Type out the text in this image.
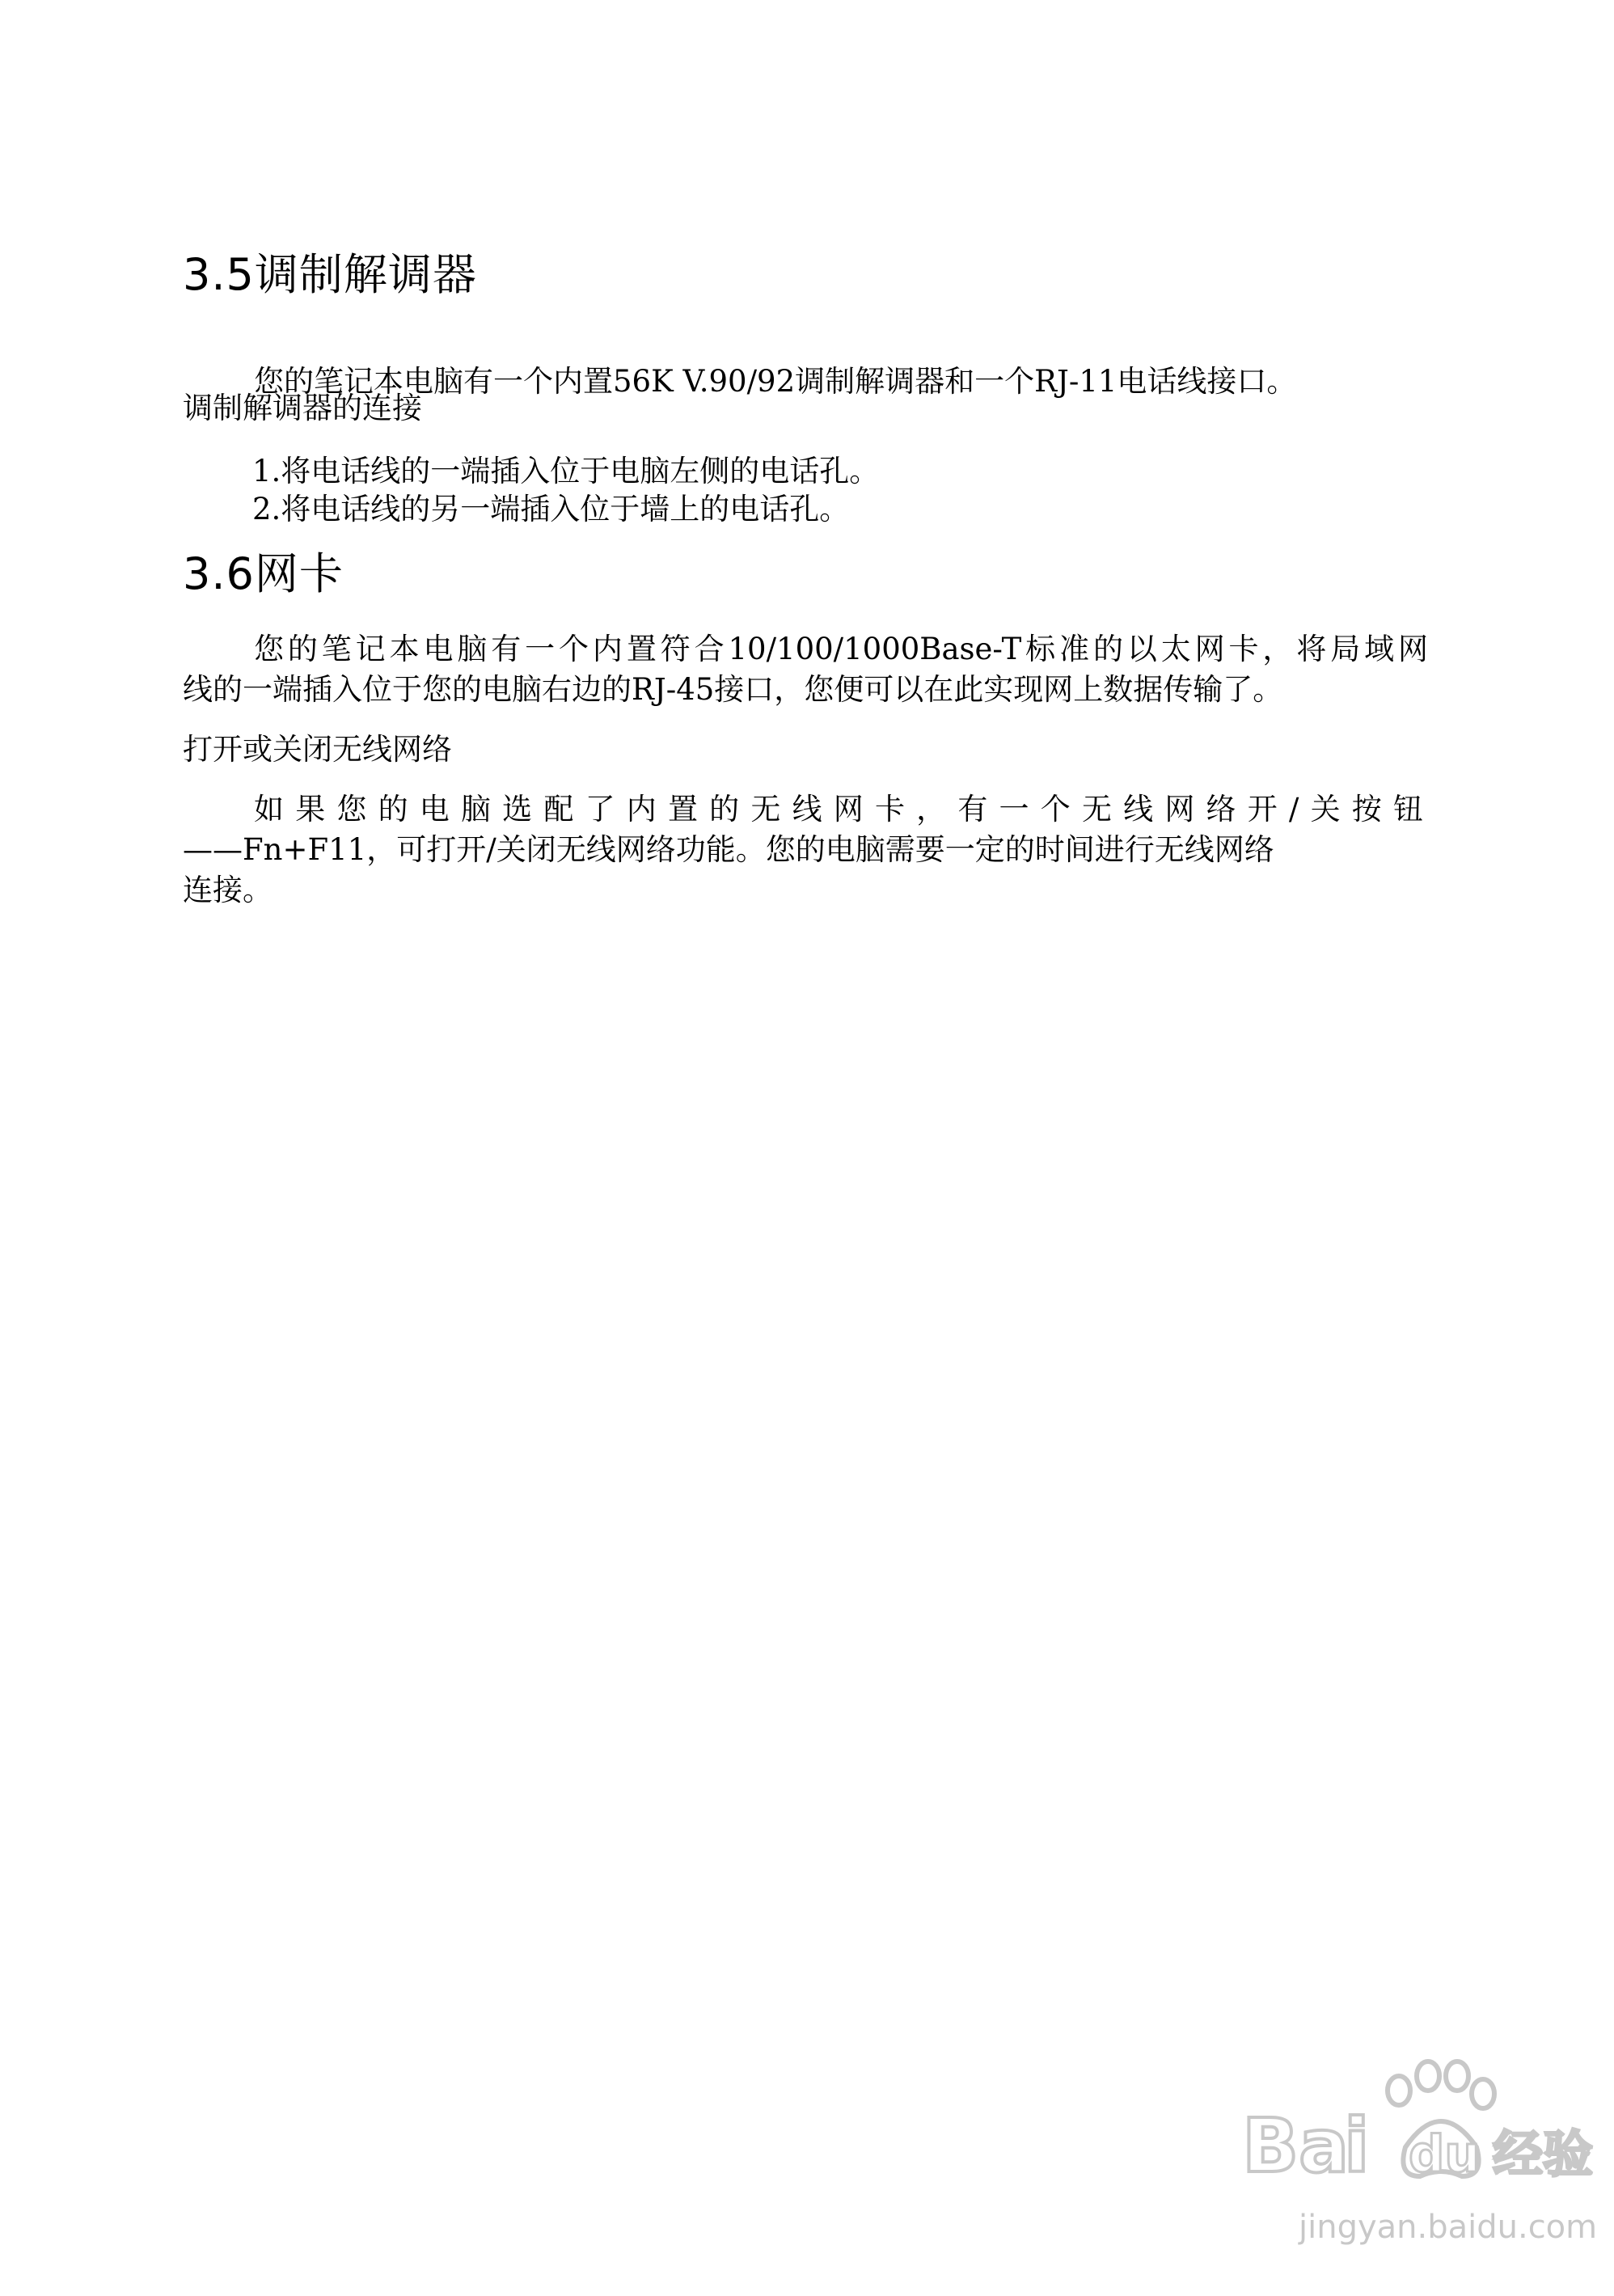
3.5调制解调器

您的笔记本电脑有一个内置56K V.90/92调制解调器和一个RJ-11电话线接口。

调制解调器的连接
1.将电话线的一端插入位于电脑左侧的电话孔。
2.将电话线的另一端插入位于墙上的电话孔。
3.6网卡
您的笔记本电脑有一个内置符合10/100/1000Base-T标准的以太网卡，将局域网
线的一端插入位于您的电脑右边的RJ-45接口，您便可以在此实现网上数据传输了。
打开或关闭无线网络
如果您的电脑选配了内置的无线网卡，有一个无线网络开/关按钮
——Fn+F11，可打开/关闭无线网络功能。您的电脑需要一定的时间进行无线网络
连接。
Ba
i du 经验
jingyan.baidu.com
